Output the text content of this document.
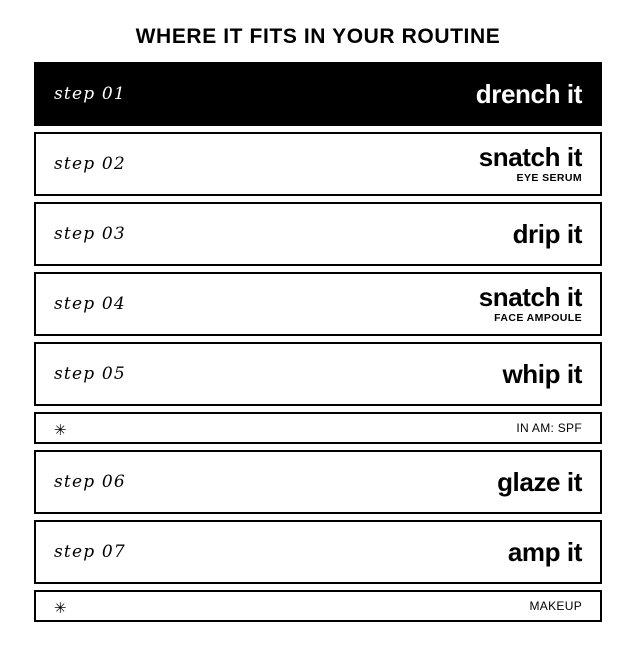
WHERE IT FITS IN YOUR ROUTINE
step 01	drench it
step 02	snatch it
EYE SERUM
step 03	drip it
step 04	snatch it
FACE AMPOULE
step 05	whip it
✳	IN AM: SPF
step 06	glaze it
step 07	amp it
✳	MAKEUP
